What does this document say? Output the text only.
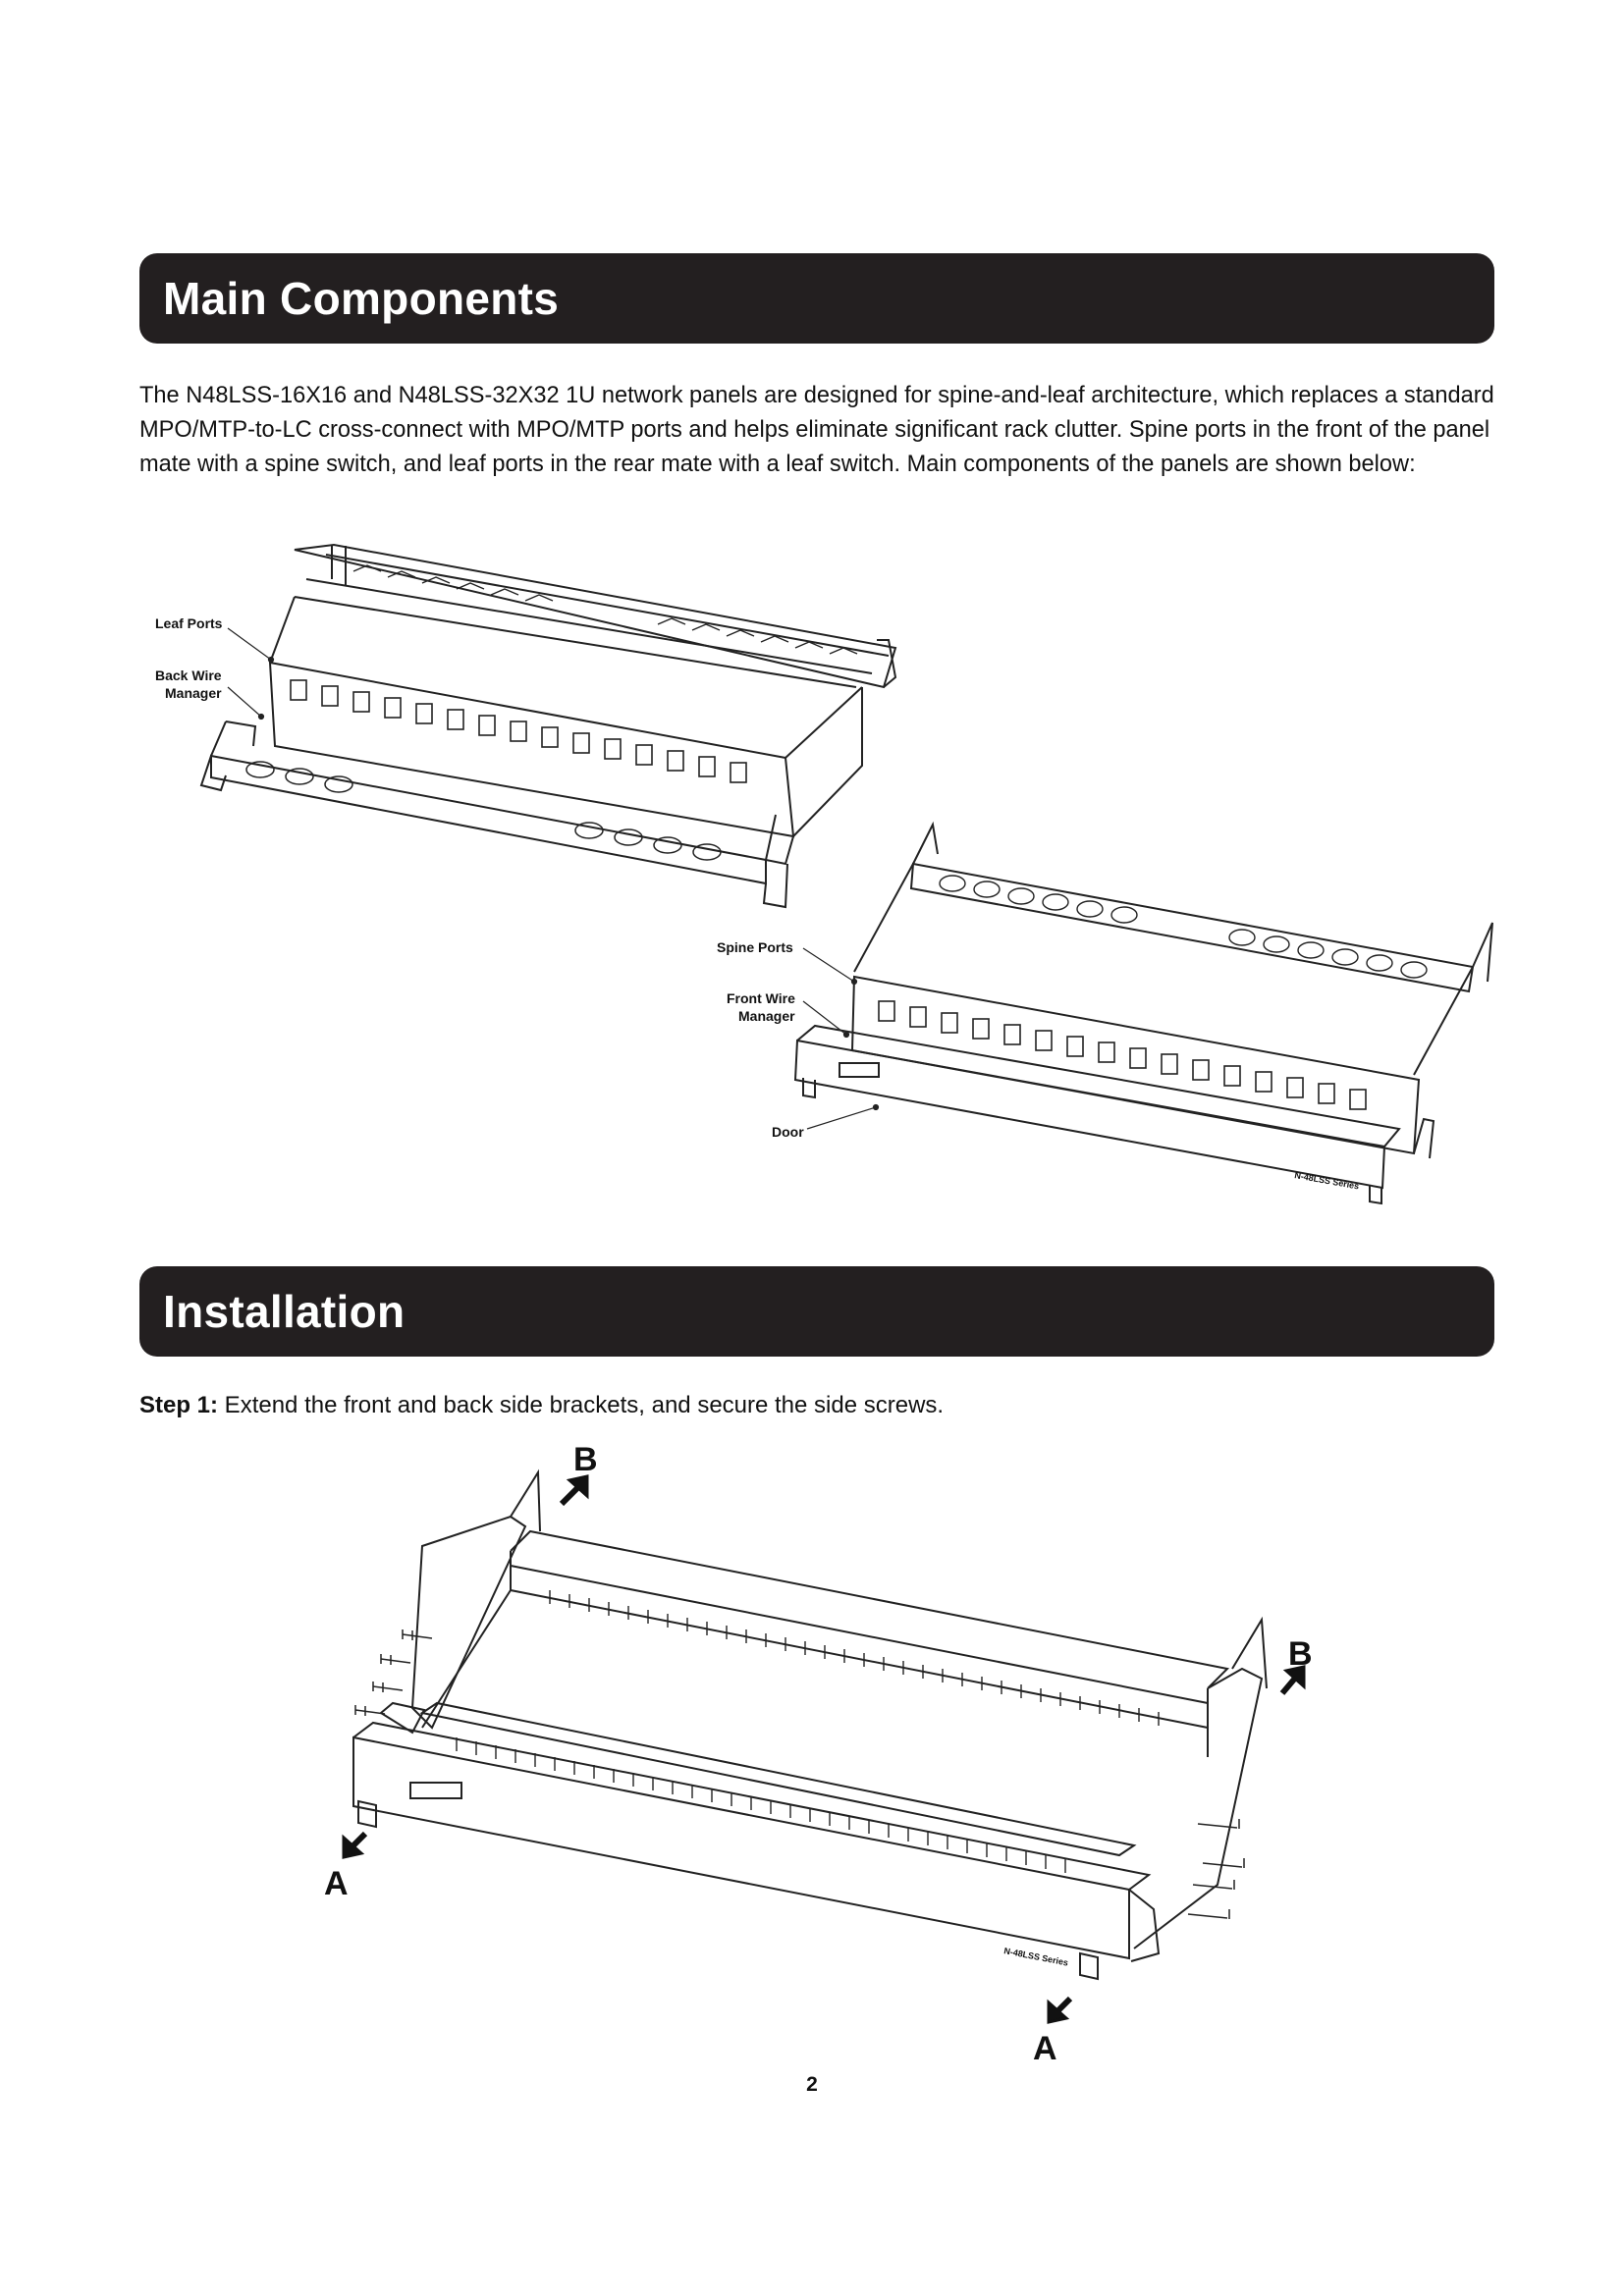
Main Components

The N48LSS-16X16 and N48LSS-32X32 1U network panels are designed for spine-and-leaf architecture, which replaces a standard MPO/MTP-to-LC cross-connect with MPO/MTP ports and helps eliminate significant rack clutter. Spine ports in the front of the panel mate with a spine switch, and leaf ports in the rear mate with a leaf switch. Main components of the panels are shown below:

Leaf Ports
Back Wire
Manager
Spine Ports
Front Wire
Manager
Door
N-48LSS Series
B
B
A
A
N-48LSS Series
Installation

Step 1: Extend the front and back side brackets, and secure the side screws.

2
